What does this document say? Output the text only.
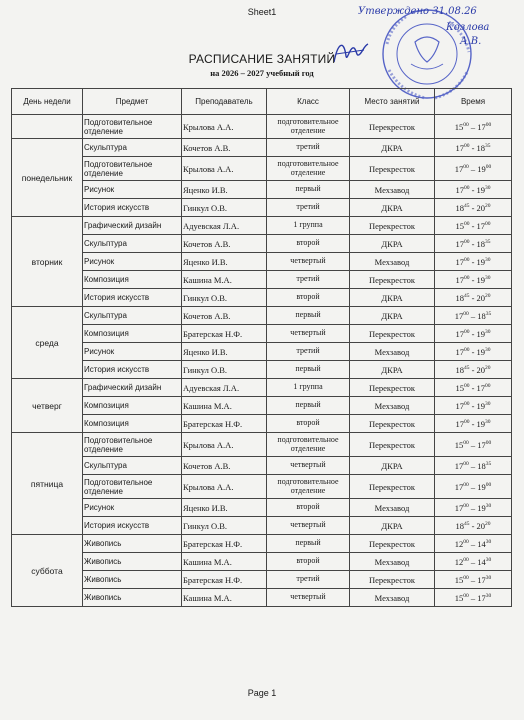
Sheet1	Утверждено 31.08.26
Козлова
А.В.
РАСПИСАНИЕ ЗАНЯТИЙ
на 2026 – 2027 учебный год
День недели	Предмет	Преподаватель	Класс	Место занятий	Время
	Подготовительное отделение	Крылова А.А.	подготовительное отделение	Перекресток	$15^{00} - 17^{00}$
понедельник	Скульптура	Кочетов А.В.	третий	ДКРА	$17^{00} - 18^{35}$
	Подготовительное отделение	Крылова А.А.	подготовительное отделение	Перекресток	$17^{00} - 19^{00}$
	Рисунок	Яценко И.В.	первый	Мехзавод	$17^{00} - 19^{30}$
	История искусств	Гинкул О.В.	третий	ДКРА	$18^{45} - 20^{20}$
вторник	Графический дизайн	Адуевская Л.А.	1 группа	Перекресток	$15^{00} - 17^{00}$
	Скульптура	Кочетов А.В.	второй	ДКРА	$17^{00} - 18^{35}$
	Рисунок	Яценко И.В.	четвертый	Мехзавод	$17^{00} - 19^{30}$
	Композиция	Кашина М.А.	третий	Перекресток	$17^{00} - 19^{30}$
	История искусств	Гинкул О.В.	второй	ДКРА	$18^{45} - 20^{20}$
среда	Скульптура	Кочетов А.В.	первый	ДКРА	$17^{00} - 18^{35}$
	Композиция	Братерская Н.Ф.	четвертый	Перекресток	$17^{00} - 19^{30}$
	Рисунок	Яценко И.В.	третий	Мехзавод	$17^{00} - 19^{30}$
	История искусств	Гинкул О.В.	первый	ДКРА	$18^{45} - 20^{20}$
четверг	Графический дизайн	Адуевская Л.А.	1 группа	Перекресток	$15^{00} - 17^{00}$
	Композиция	Кашина М.А.	первый	Мехзавод	$17^{00} - 19^{30}$
	Композиция	Братерская Н.Ф.	второй	Перекресток	$17^{00} - 19^{30}$
пятница	Подготовительное отделение	Крылова А.А.	подготовительное отделение	Перекресток	$15^{00} - 17^{00}$
	Скульптура	Кочетов А.В.	четвертый	ДКРА	$17^{00} - 18^{35}$
	Подготовительное отделение	Крылова А.А.	подготовительное отделение	Перекресток	$17^{00} - 19^{00}$
	Рисунок	Яценко И.В.	второй	Мехзавод	$17^{00} - 19^{30}$
	История искусств	Гинкул О.В.	четвертый	ДКРА	$18^{45} - 20^{20}$
суббота	Живопись	Братерская Н.Ф.	первый	Перекресток	$12^{00} - 14^{30}$
	Живопись	Кашина М.А.	второй	Мехзавод	$12^{00} - 14^{30}$
	Живопись	Братерская Н.Ф.	третий	Перекресток	$15^{00} - 17^{30}$
	Живопись	Кашина М.А.	четвертый	Мехзавод	$15^{00} - 17^{30}$
Page 1
